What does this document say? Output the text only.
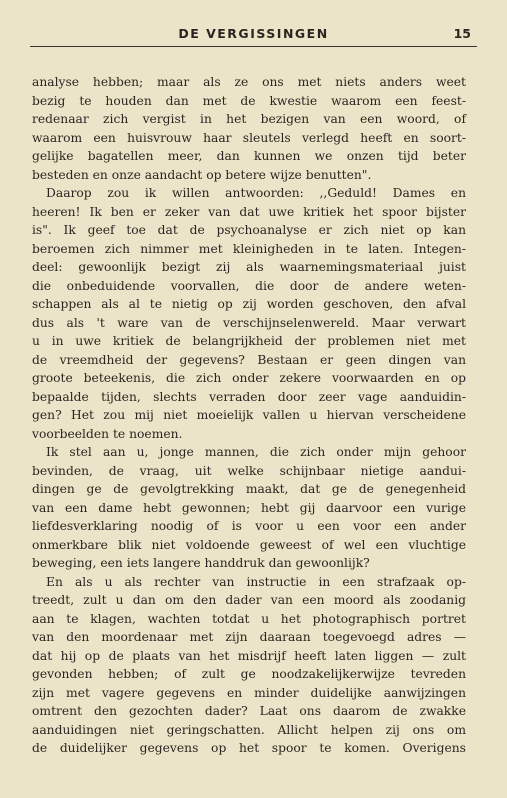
DE VERGISSINGEN	15
analyse hebben; maar als ze ons met niets anders weet
bezig te houden dan met de kwestie waarom een feest-
redenaar zich vergist in het bezigen van een woord, of
waarom een huisvrouw haar sleutels verlegd heeft en soort-
gelijke bagatellen meer, dan kunnen we onzen tijd beter
besteden en onze aandacht op betere wijze benutten".
Daarop zou ik willen antwoorden: ,,Geduld! Dames en
heeren! Ik ben er zeker van dat uwe kritiek het spoor bijster
is". Ik geef toe dat de psychoanalyse er zich niet op kan
beroemen zich nimmer met kleinigheden in te laten. Integen-
deel: gewoonlijk bezigt zij als waarnemingsmateriaal juist
die onbeduidende voorvallen, die door de andere weten-
schappen als al te nietig op zij worden geschoven, den afval
dus als 't ware van de verschijnselenwereld. Maar verwart
u in uwe kritiek de belangrijkheid der problemen niet met
de vreemdheid der gegevens? Bestaan er geen dingen van
groote beteekenis, die zich onder zekere voorwaarden en op
bepaalde tijden, slechts verraden door zeer vage aanduidin-
gen? Het zou mij niet moeielijk vallen u hiervan verscheidene
voorbeelden te noemen.
Ik stel aan u, jonge mannen, die zich onder mijn gehoor
bevinden, de vraag, uit welke schijnbaar nietige aandui-
dingen ge de gevolgtrekking maakt, dat ge de genegenheid
van een dame hebt gewonnen; hebt gij daarvoor een vurige
liefdesverklaring noodig of is voor u een voor een ander
onmerkbare blik niet voldoende geweest of wel een vluchtige
beweging, een iets langere handdruk dan gewoonlijk?
En als u als rechter van instructie in een strafzaak op-
treedt, zult u dan om den dader van een moord als zoodanig
aan te klagen, wachten totdat u het photographisch portret
van den moordenaar met zijn daaraan toegevoegd adres —
dat hij op de plaats van het misdrijf heeft laten liggen — zult
gevonden hebben; of zult ge noodzakelijkerwijze tevreden
zijn met vagere gegevens en minder duidelijke aanwijzingen
omtrent den gezochten dader? Laat ons daarom de zwakke
aanduidingen niet geringschatten. Allicht helpen zij ons om
de duidelijker gegevens op het spoor te komen. Overigens
